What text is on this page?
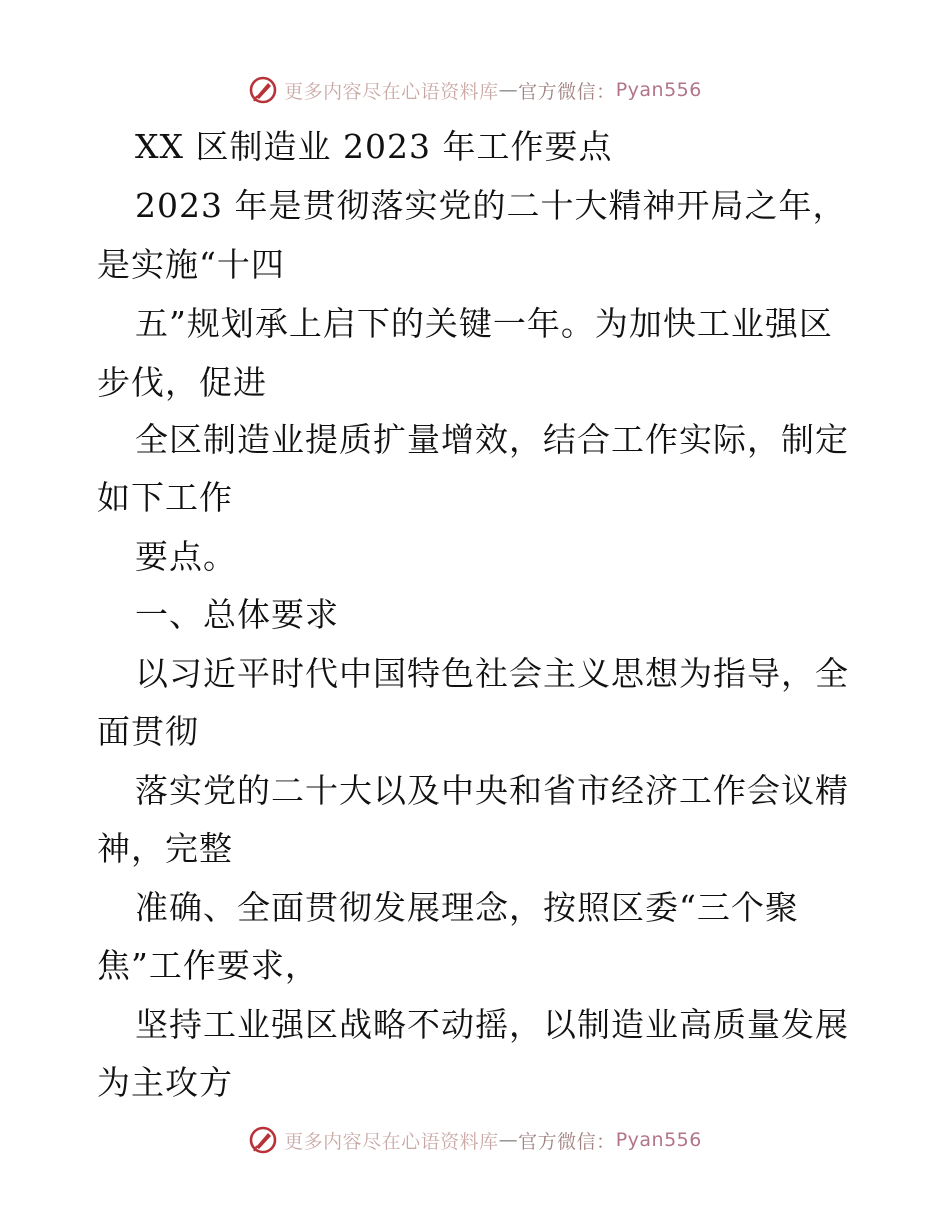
更多内容尽在心语资料库 — 官方微信： Pyan556
XX 区制造业 2023 年工作要点
2023 年是贯彻落实党的二十大精神开局之年，
是实施“十四
五”规划承上启下的关键一年。为加快工业强区
步伐，促进
全区制造业提质扩量增效，结合工作实际，制定
如下工作
要点。
一、总体要求
以习近平时代中国特色社会主义思想为指导，全
面贯彻
落实党的二十大以及中央和省市经济工作会议精
神，完整
准确、全面贯彻发展理念，按照区委“三个聚
焦”工作要求，
坚持工业强区战略不动摇，以制造业高质量发展
为主攻方
更多内容尽在心语资料库 — 官方微信： Pyan556
